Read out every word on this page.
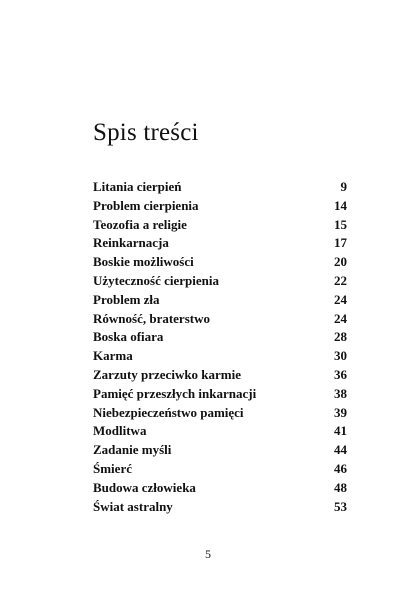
Spis treści
Litania cierpień	9
Problem cierpienia	14
Teozofia a religie	15
Reinkarnacja	17
Boskie możliwości	20
Użyteczność cierpienia	22
Problem zła	24
Równość, braterstwo	24
Boska ofiara	28
Karma	30
Zarzuty przeciwko karmie	36
Pamięć przeszłych inkarnacji	38
Niebezpieczeństwo pamięci	39
Modlitwa	41
Zadanie myśli	44
Śmierć	46
Budowa człowieka	48
Świat astralny	53
5
